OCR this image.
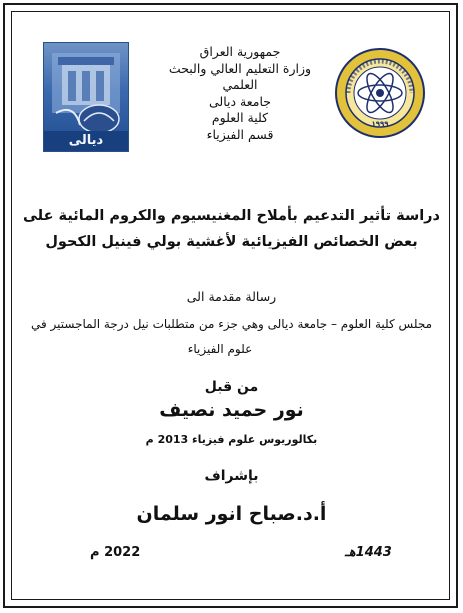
ديالى
١٩٩٩
جمهورية العراق
وزارة التعليم العالي والبحث العلمي
جامعة ديالى
كلية العلوم
قسم الفيزياء
دراسة تأثير التدعيم بأملاح المغنيسيوم والكروم المائية على
بعض الخصائص الفيزيائية لأغشية بولي فينيل الكحول
رسالة مقدمة الى
مجلس كلية العلوم – جامعة ديالى وهي جزء من متطلبات نيل درجة الماجستير في
علوم الفيزياء
من قبل
نور حميد نصيف
بكالوريوس علوم فيزياء 2013 م
بإشراف
أ.د.صباح انور سلمان
2022 م	1443هـ
